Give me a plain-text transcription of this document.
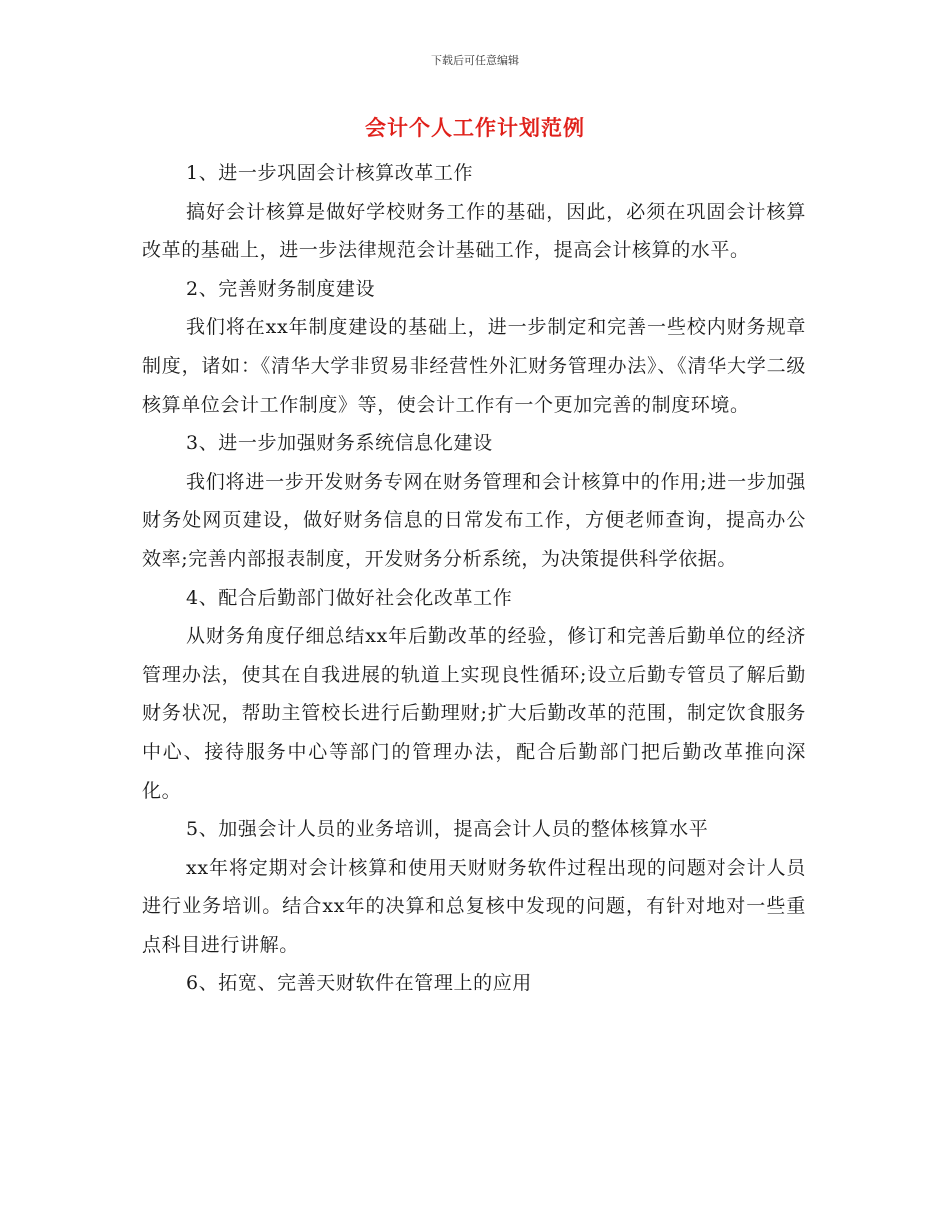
下载后可任意编辑
会计个人工作计划范例

1、进一步巩固会计核算改革工作

搞好会计核算是做好学校财务工作的基础，因此，必须在巩固会计核算改革的基础上，进一步法律规范会计基础工作，提高会计核算的水平。

2、完善财务制度建设

我们将在xx年制度建设的基础上，进一步制定和完善一些校内财务规章制度，诸如：《清华大学非贸易非经营性外汇财务管理办法》、《清华大学二级核算单位会计工作制度》等，使会计工作有一个更加完善的制度环境。

3、进一步加强财务系统信息化建设

我们将进一步开发财务专网在财务管理和会计核算中的作用;进一步加强财务处网页建设，做好财务信息的日常发布工作，方便老师查询，提高办公效率;完善内部报表制度，开发财务分析系统，为决策提供科学依据。

4、配合后勤部门做好社会化改革工作

从财务角度仔细总结xx年后勤改革的经验，修订和完善后勤单位的经济管理办法，使其在自我进展的轨道上实现良性循环;设立后勤专管员了解后勤财务状况，帮助主管校长进行后勤理财;扩大后勤改革的范围，制定饮食服务中心、接待服务中心等部门的管理办法，配合后勤部门把后勤改革推向深化。

5、加强会计人员的业务培训，提高会计人员的整体核算水平

xx年将定期对会计核算和使用天财财务软件过程出现的问题对会计人员进行业务培训。结合xx年的决算和总复核中发现的问题，有针对地对一些重点科目进行讲解。

6、拓宽、完善天财软件在管理上的应用
